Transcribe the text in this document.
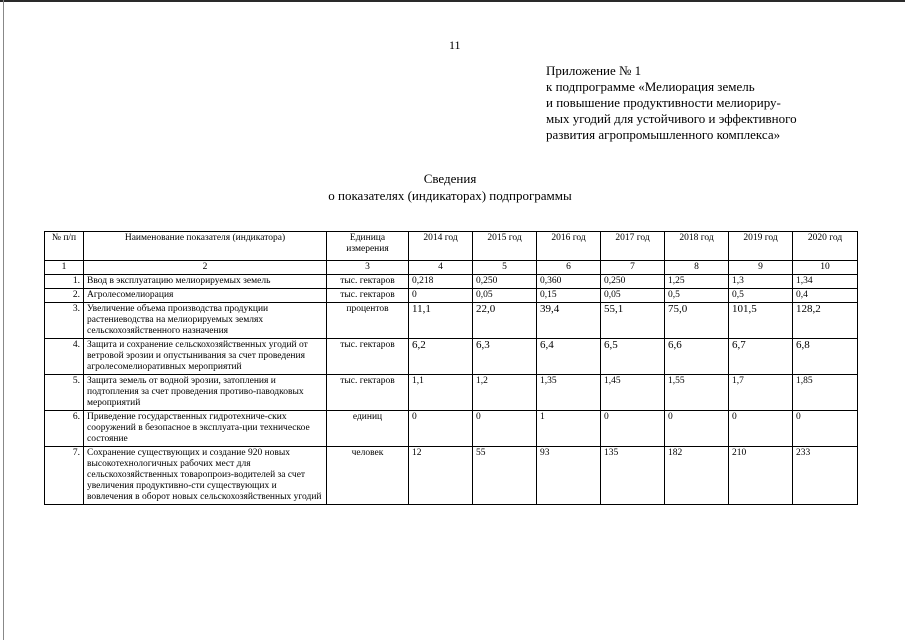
11
Приложение № 1
к подпрограмме «Мелиорация земель
и повышение продуктивности мелиориру-
мых угодий для устойчивого и эффективного
развития агропромышленного комплекса»
Сведения
о показателях (индикаторах) подпрограммы
№ п/п	Наименование показателя (индикатора)	Единица измерения	2014 год	2015 год	2016 год	2017 год	2018 год	2019 год	2020 год
1	2	3	4	5	6	7	8	9	10
1.	Ввод в эксплуатацию мелиорируемых земель	тыс. гектаров	0,218	0,250	0,360	0,250	1,25	1,3	1,34
2.	Агролесомелиорация	тыс. гектаров	0	0,05	0,15	0,05	0,5	0,5	0,4
3.	Увеличение объема производства продукции растениеводства на мелиорируемых землях сельскохозяйственного назначения	процентов	11,1	22,0	39,4	55,1	75,0	101,5	128,2
4.	Защита и сохранение сельскохозяйственных угодий от ветровой эрозии и опустынивания за счет проведения агролесомелиоративных мероприятий	тыс. гектаров	6,2	6,3	6,4	6,5	6,6	6,7	6,8
5.	Защита земель от водной эрозии, затопления и подтопления за счет проведения противо-паводковых мероприятий	тыс. гектаров	1,1	1,2	1,35	1,45	1,55	1,7	1,85
6.	Приведение государственных гидротехниче-ских сооружений в безопасное в эксплуата-ции техническое состояние	единиц	0	0	1	0	0	0	0
7.	Сохранение существующих и создание 920 новых высокотехнологичных рабочих мест для сельскохозяйственных товаропроиз-водителей за счет увеличения продуктивно-сти существующих и вовлечения в оборот новых сельскохозяйственных угодий	человек	12	55	93	135	182	210	233
